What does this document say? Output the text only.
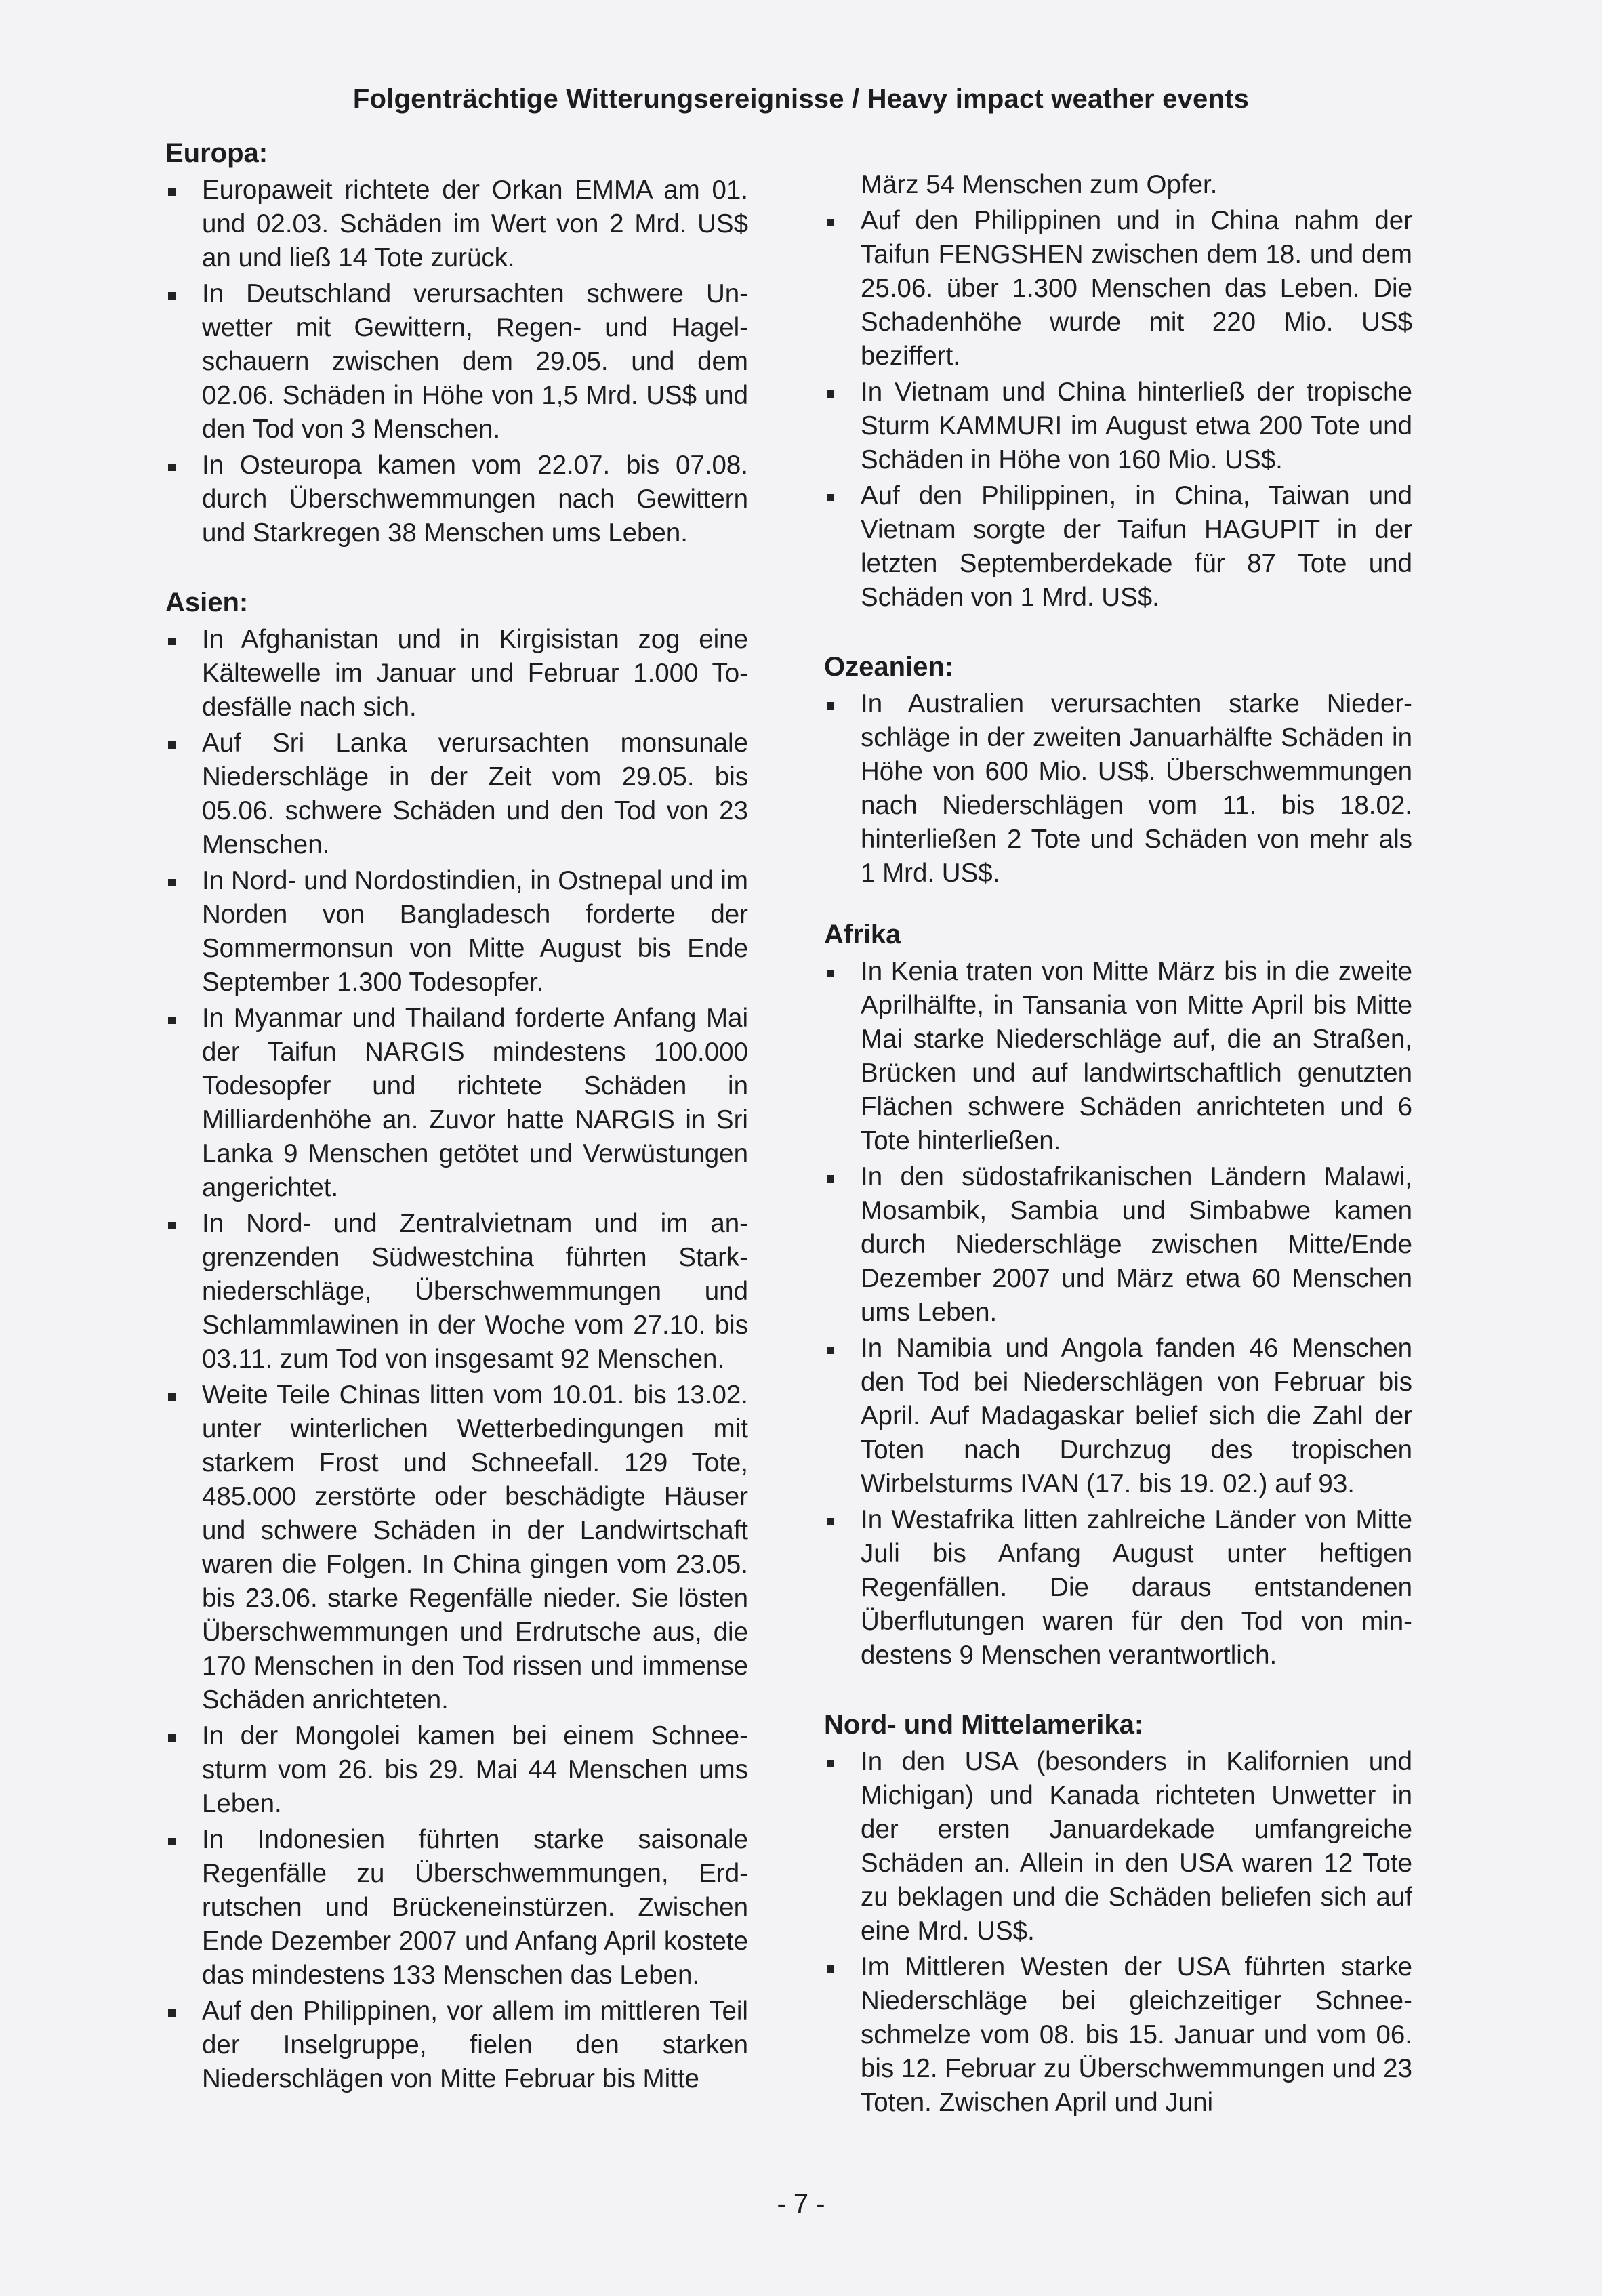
Folgenträchtige Witterungsereignisse / Heavy impact weather events
Europa:
Europaweit richtete der Orkan EMMA am 01. und 02.03. Schäden im Wert von 2 Mrd. US$ an und ließ 14 Tote zurück.
In Deutschland verursachten schwere Unwetter mit Gewittern, Regen- und Hagelschauern zwischen dem 29.05. und dem 02.06. Schäden in Höhe von 1,5 Mrd. US$ und den Tod von 3 Menschen.
In Osteuropa kamen vom 22.07. bis 07.08. durch Überschwemmungen nach Gewittern und Starkregen 38 Menschen ums Leben.
Asien:
In Afghanistan und in Kirgisistan zog eine Kältewelle im Januar und Februar 1.000 Todesfälle nach sich.
Auf Sri Lanka verursachten monsunale Niederschläge in der Zeit vom 29.05. bis 05.06. schwere Schäden und den Tod von 23 Menschen.
In Nord- und Nordostindien, in Ostnepal und im Norden von Bangladesch forderte der Sommermonsun von Mitte August bis Ende September 1.300 Todesopfer.
In Myanmar und Thailand forderte Anfang Mai der Taifun NARGIS mindestens 100.000 Todesopfer und richtete Schäden in Milliardenhöhe an. Zuvor hatte NARGIS in Sri Lanka 9 Menschen getötet und Verwüstungen angerichtet.
In Nord- und Zentralvietnam und im angrenzenden Südwestchina führten Starkniederschläge, Überschwemmungen und Schlammlawinen in der Woche vom 27.10. bis 03.11. zum Tod von insgesamt 92 Menschen.
Weite Teile Chinas litten vom 10.01. bis 13.02. unter winterlichen Wetterbedingungen mit starkem Frost und Schneefall. 129 Tote, 485.000 zerstörte oder beschädigte Häuser und schwere Schäden in der Landwirtschaft waren die Folgen. In China gingen vom 23.05. bis 23.06. starke Regenfälle nieder. Sie lösten Überschwemmungen und Erdrutsche aus, die 170 Menschen in den Tod rissen und immense Schäden anrichteten.
In der Mongolei kamen bei einem Schneesturm vom 26. bis 29. Mai 44 Menschen ums Leben.
In Indonesien führten starke saisonale Regenfälle zu Überschwemmungen, Erdrutschen und Brückeneinstürzen. Zwischen Ende Dezember 2007 und Anfang April kostete das mindestens 133 Menschen das Leben.
Auf den Philippinen, vor allem im mittleren Teil der Inselgruppe, fielen den starken Niederschlägen von Mitte Februar bis Mitte
März 54 Menschen zum Opfer.
Auf den Philippinen und in China nahm der Taifun FENGSHEN zwischen dem 18. und dem 25.06. über 1.300 Menschen das Leben. Die Schadenhöhe wurde mit 220 Mio. US$ beziffert.
In Vietnam und China hinterließ der tropische Sturm KAMMURI im August etwa 200 Tote und Schäden in Höhe von 160 Mio. US$.
Auf den Philippinen, in China, Taiwan und Vietnam sorgte der Taifun HAGUPIT in der letzten Septemberdekade für 87 Tote und Schäden von 1 Mrd. US$.
Ozeanien:
In Australien verursachten starke Niederschläge in der zweiten Januarhälfte Schäden in Höhe von 600 Mio. US$. Überschwemmungen nach Niederschlägen vom 11. bis 18.02. hinterließen 2 Tote und Schäden von mehr als 1 Mrd. US$.
Afrika
In Kenia traten von Mitte März bis in die zweite Aprilhälfte, in Tansania von Mitte April bis Mitte Mai starke Niederschläge auf, die an Straßen, Brücken und auf landwirtschaftlich genutzten Flächen schwere Schäden anrichteten und 6 Tote hinterließen.
In den südostafrikanischen Ländern Malawi, Mosambik, Sambia und Simbabwe kamen durch Niederschläge zwischen Mitte/Ende Dezember 2007 und März etwa 60 Menschen ums Leben.
In Namibia und Angola fanden 46 Menschen den Tod bei Niederschlägen von Februar bis April. Auf Madagaskar belief sich die Zahl der Toten nach Durchzug des tropischen Wirbelsturms IVAN (17. bis 19. 02.) auf 93.
In Westafrika litten zahlreiche Länder von Mitte Juli bis Anfang August unter heftigen Regenfällen. Die daraus entstandenen Überflutungen waren für den Tod von mindestens 9 Menschen verantwortlich.
Nord- und Mittelamerika:
In den USA (besonders in Kalifornien und Michigan) und Kanada richteten Unwetter in der ersten Januardekade umfangreiche Schäden an. Allein in den USA waren 12 Tote zu beklagen und die Schäden beliefen sich auf eine Mrd. US$.
Im Mittleren Westen der USA führten starke Niederschläge bei gleichzeitiger Schneeschmelze vom 08. bis 15. Januar und vom 06. bis 12. Februar zu Überschwemmungen und 23 Toten. Zwischen April und Juni
- 7 -
